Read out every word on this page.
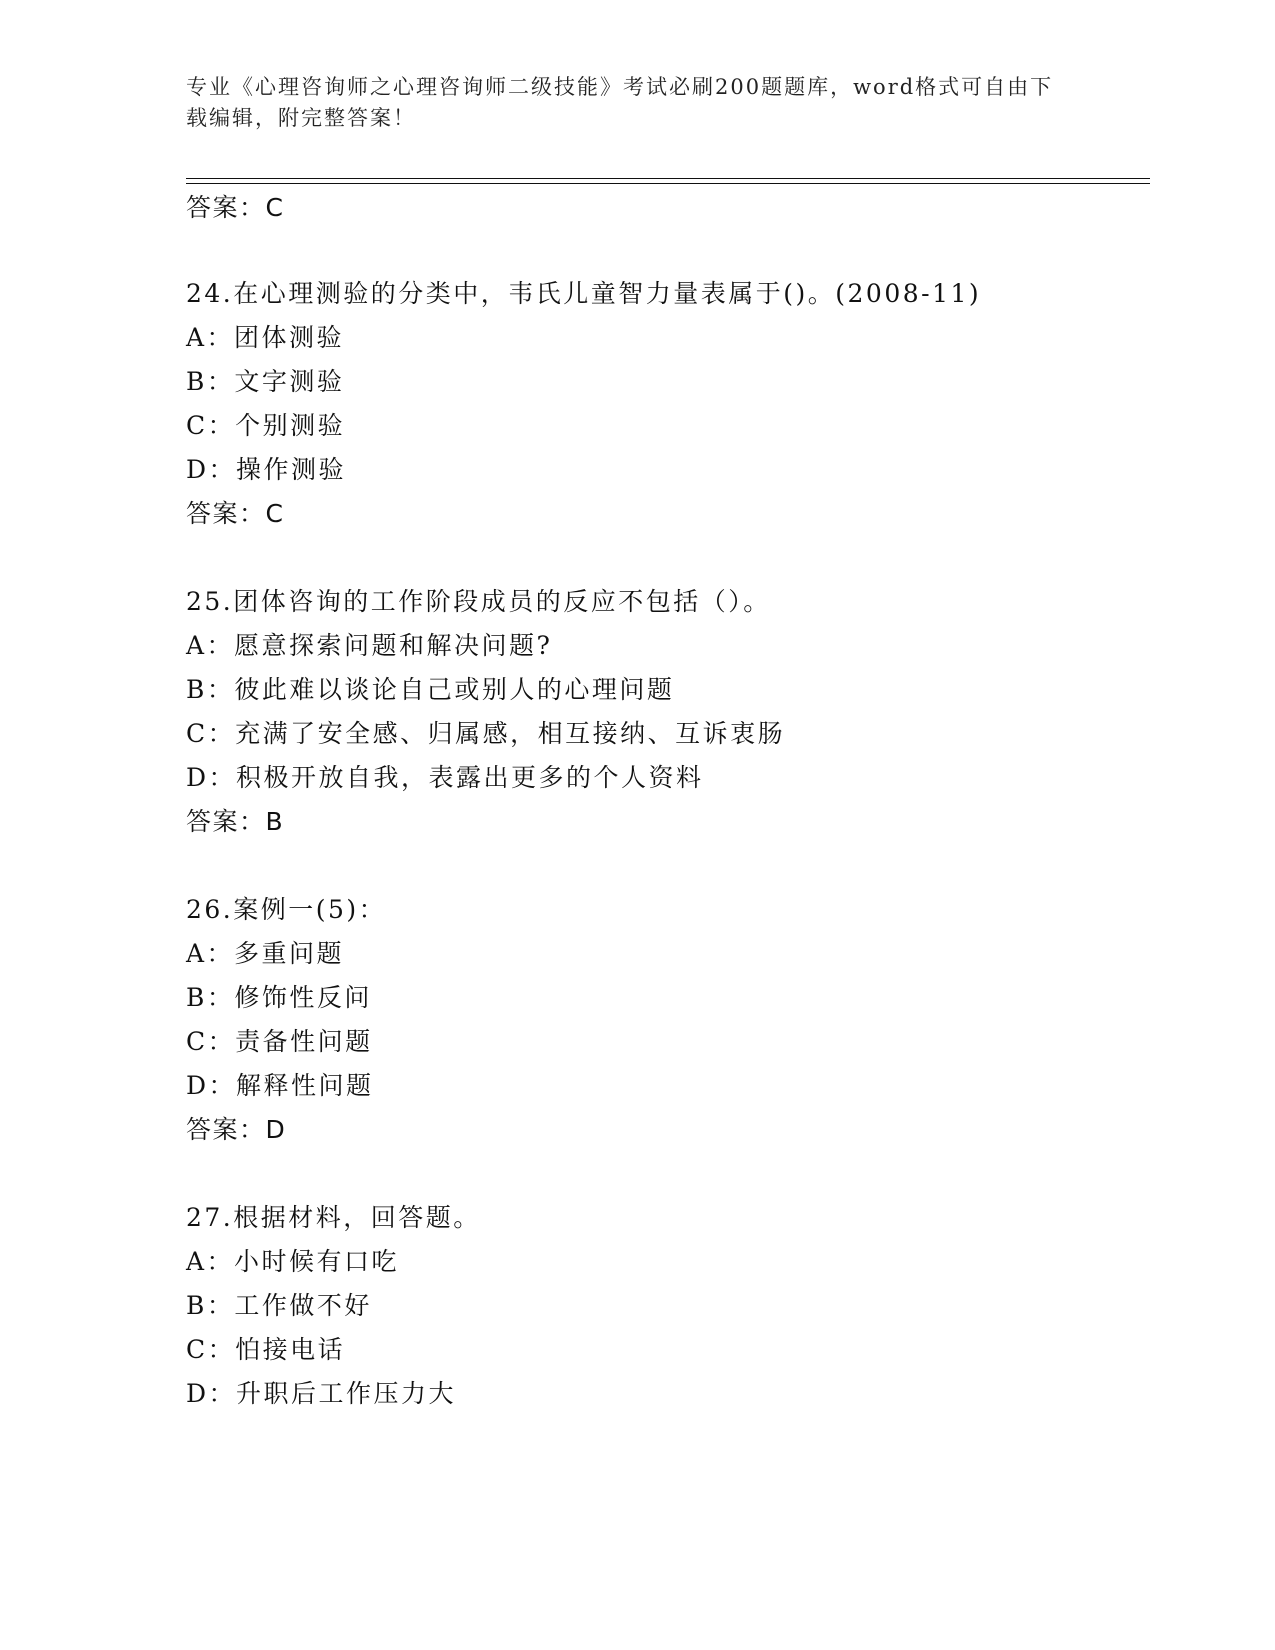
专业《心理咨询师之心理咨询师二级技能》考试必刷200题题库，word格式可自由下载编辑，附完整答案！
答案：C
24.在心理测验的分类中，韦氏儿童智力量表属于()。(2008-11)
A：团体测验
B：文字测验
C：个别测验
D：操作测验
答案：C
25.团体咨询的工作阶段成员的反应不包括（）。
A：愿意探索问题和解决问题?
B：彼此难以谈论自己或别人的心理问题
C：充满了安全感、归属感，相互接纳、互诉衷肠
D：积极开放自我，表露出更多的个人资料
答案：B
26.案例一(5)：
A：多重问题
B：修饰性反问
C：责备性问题
D：解释性问题
答案：D
27.根据材料，回答题。
A：小时候有口吃
B：工作做不好
C：怕接电话
D：升职后工作压力大
